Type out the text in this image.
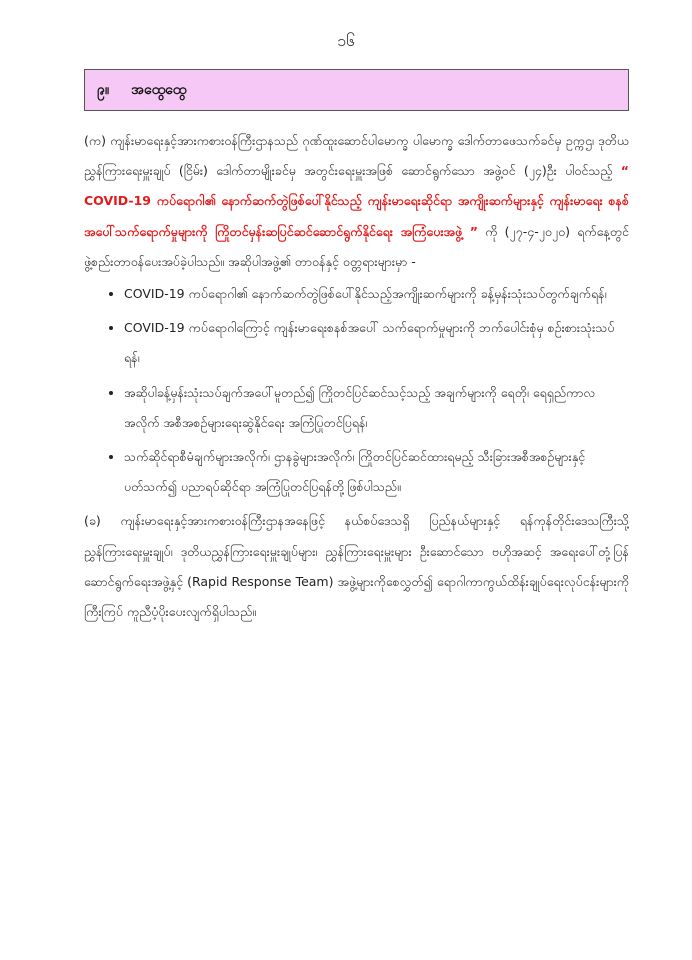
၁၆
၉။ အထွေထွေ

(က) ကျန်းမာရေးနှင့်အားကစားဝန်ကြီးဌာနသည် ဂုဏ်ထူးဆောင်ပါမောက္ခ ပါမောက္ခ ဒေါက်တာဖေသက်ခင်မှ ဥက္ကဌ၊ ဒုတိယညွှန်ကြားရေးမှူးချုပ် (ငြိမ်း) ဒေါက်တာမျိုးခင်မှ အတွင်းရေးမှူးအဖြစ် ဆောင်ရွက်သော အဖွဲ့ဝင် (၂၄)ဦး ပါဝင်သည့် “ COVID-19 ကပ်ရောဂါ၏ နောက်ဆက်တွဲဖြစ်ပေါ်နိုင်သည့် ကျန်းမာရေးဆိုင်ရာ အကျိုးဆက်များနှင့် ကျန်းမာရေး စနစ်အပေါ်သက်ရောက်မှုများကို ကြိုတင်မှန်းဆပြင်ဆင်ဆောင်ရွက်နိုင်ရေး အကြံပေးအဖွဲ့ ” ကို (၂၇-၄-၂၀၂၀) ရက်နေ့တွင် ဖွဲ့စည်းတာဝန်ပေးအပ်ခဲ့ပါသည်။ အဆိုပါအဖွဲ့၏ တာဝန်နှင့် ဝတ္တရားများမှာ -

• COVID-19 ကပ်ရောဂါ၏ နောက်ဆက်တွဲဖြစ်ပေါ်နိုင်သည့်အကျိုးဆက်များကို ခန့်မှန်းသုံးသပ်တွက်ချက်ရန်၊
• COVID-19 ကပ်ရောဂါကြောင့် ကျန်းမာရေးစနစ်အပေါ် သက်ရောက်မှုများကို ဘက်ပေါင်းစုံမှ စဉ်းစားသုံးသပ်ရန်၊
• အဆိုပါခန့်မှန်းသုံးသပ်ချက်အပေါ်မူတည်၍ ကြိုတင်ပြင်ဆင်သင့်သည့် အချက်များကို ရေတို၊ ရေရှည်ကာလအလိုက် အစီအစဉ်များရေးဆွဲနိုင်ရေး အကြံပြုတင်ပြရန်၊
• သက်ဆိုင်ရာစီမံချက်များအလိုက်၊ ဌာနခွဲများအလိုက်၊ ကြိုတင်ပြင်ဆင်ထားရမည့် သီးခြားအစီအစဉ်များနှင့်ပတ်သက်၍ ပညာရပ်ဆိုင်ရာ အကြံပြုတင်ပြရန်တို့ဖြစ်ပါသည်။

(ခ) ကျန်းမာရေးနှင့်အားကစားဝန်ကြီးဌာနအနေဖြင့် နယ်စပ်ဒေသရှိ ပြည်နယ်များနှင့် ရန်ကုန်တိုင်းဒေသကြီးသို့ညွှန်ကြားရေးမှူးချုပ်၊ ဒုတိယညွှန်ကြားရေးမှူးချုပ်များ၊ ညွှန်ကြားရေးမှူးများ ဦးဆောင်သော ဗဟိုအဆင့် အရေးပေါ်တုံ့ပြန်ဆောင်ရွက်ရေးအဖွဲ့နှင့် (Rapid Response Team) အဖွဲ့များကိုစေလွှတ်၍ ရောဂါကာကွယ်ထိန်းချုပ်ရေးလုပ်ငန်းများကို ကြီးကြပ် ကူညီပံ့ပိုးပေးလျက်ရှိပါသည်။
